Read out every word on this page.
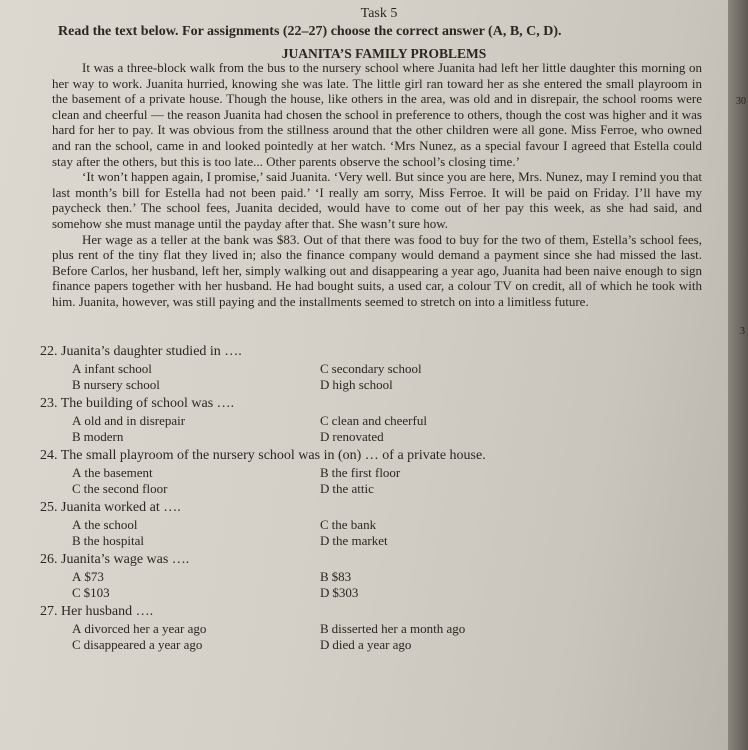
Task 5
Read the text below. For assignments (22–27) choose the correct answer (A, B, C, D).
JUANITA’S FAMILY PROBLEMS

It was a three-block walk from the bus to the nursery school where Juanita had left her little daughter this morning on her way to work. Juanita hurried, knowing she was late. The little girl ran toward her as she entered the small playroom in the basement of a private house. Though the house, like others in the area, was old and in disrepair, the school rooms were clean and cheerful — the reason Juanita had chosen the school in preference to others, though the cost was higher and it was hard for her to pay. It was obvious from the stillness around that the other children were all gone. Miss Ferroe, who owned and ran the school, came in and looked pointedly at her watch. ‘Mrs Nunez, as a special favour I agreed that Estella could stay after the others, but this is too late... Other parents observe the school’s closing time.’

‘It won’t happen again, I promise,’ said Juanita. ‘Very well. But since you are here, Mrs. Nunez, may I remind you that last month’s bill for Estella had not been paid.’ ‘I really am sorry, Miss Ferroe. It will be paid on Friday. I’ll have my paycheck then.’ The school fees, Juanita decided, would have to come out of her pay this week, as she had said, and somehow she must manage until the payday after that. She wasn’t sure how.

Her wage as a teller at the bank was $83. Out of that there was food to buy for the two of them, Estella’s school fees, plus rent of the tiny flat they lived in; also the finance company would demand a payment since she had missed the last. Before Carlos, her husband, left her, simply walking out and disappearing a year ago, Juanita had been naive enough to sign finance papers together with her husband. He had bought suits, a used car, a colour TV on credit, all of which he took with him. Juanita, however, was still paying and the installments seemed to stretch on into a limitless future.

22. Juanita’s daughter studied in ….
A infant school	C secondary school
B nursery school	D high school
23. The building of school was ….
A old and in disrepair	C clean and cheerful
B modern	D renovated
24. The small playroom of the nursery school was in (on) … of a private house.
A the basement	B the first floor
C the second floor	D the attic
25. Juanita worked at ….
A the school	C the bank
B the hospital	D the market
26. Juanita’s wage was ….
A $73	B $83
C $103	D $303
27. Her husband ….
A divorced her a year ago	B disserted her a month ago
C disappeared a year ago	D died a year ago
30
3
